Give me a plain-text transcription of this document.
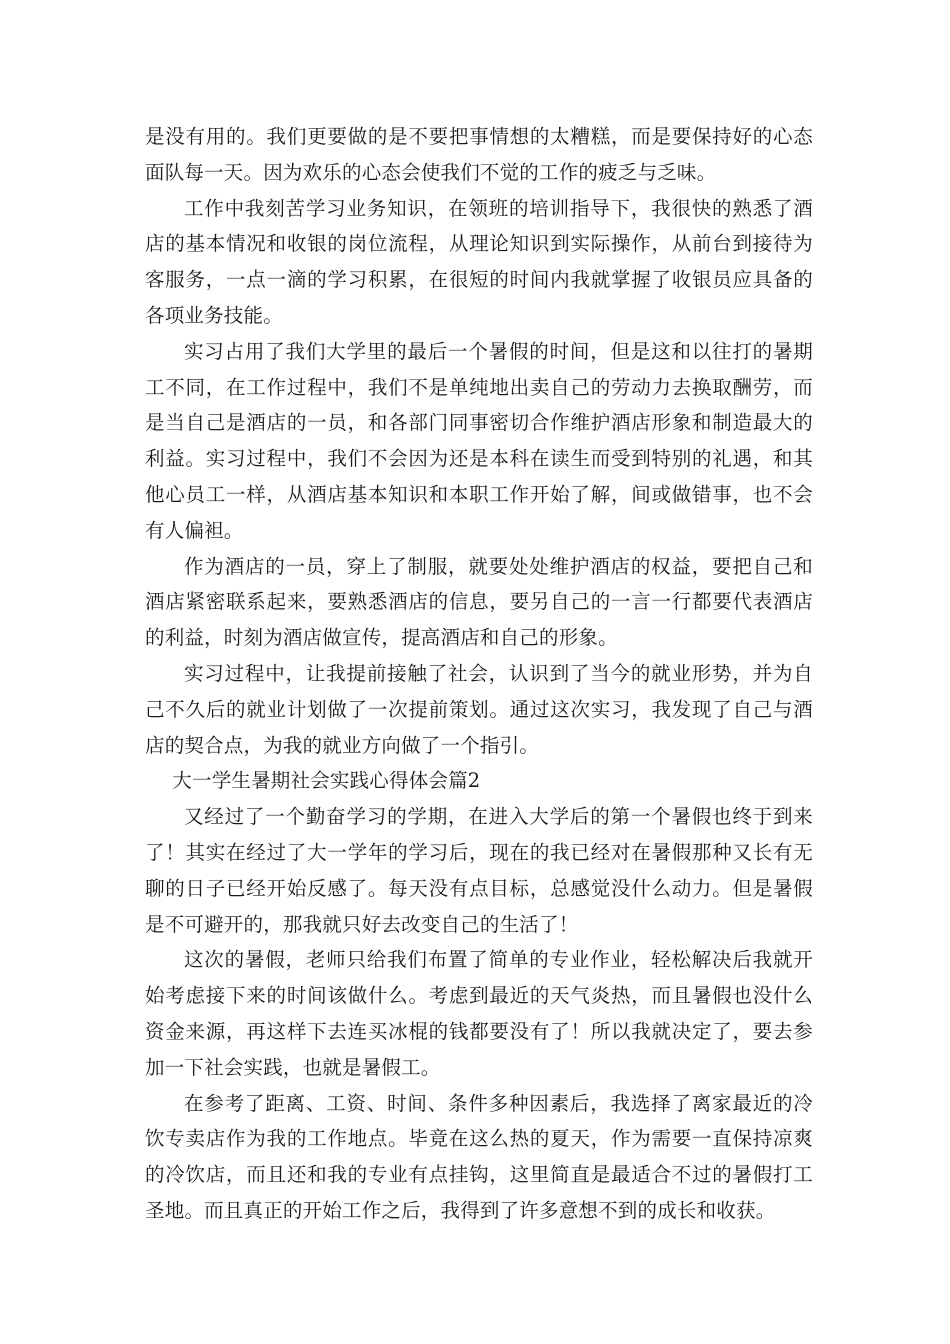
是没有用的。我们更要做的是不要把事情想的太糟糕，而是要保持好的心态面队每一天。因为欢乐的心态会使我们不觉的工作的疲乏与乏味。

工作中我刻苦学习业务知识，在领班的培训指导下，我很快的熟悉了酒店的基本情况和收银的岗位流程，从理论知识到实际操作，从前台到接待为客服务，一点一滴的学习积累，在很短的时间内我就掌握了收银员应具备的各项业务技能。

实习占用了我们大学里的最后一个暑假的时间，但是这和以往打的暑期工不同，在工作过程中，我们不是单纯地出卖自己的劳动力去换取酬劳，而是当自己是酒店的一员，和各部门同事密切合作维护酒店形象和制造最大的利益。实习过程中，我们不会因为还是本科在读生而受到特别的礼遇，和其他心员工一样，从酒店基本知识和本职工作开始了解，间或做错事，也不会有人偏袒。

作为酒店的一员，穿上了制服，就要处处维护酒店的权益，要把自己和酒店紧密联系起来，要熟悉酒店的信息，要另自己的一言一行都要代表酒店的利益，时刻为酒店做宣传，提高酒店和自己的形象。

实习过程中，让我提前接触了社会，认识到了当今的就业形势，并为自己不久后的就业计划做了一次提前策划。通过这次实习，我发现了自己与酒店的契合点，为我的就业方向做了一个指引。

大一学生暑期社会实践心得体会篇2

又经过了一个勤奋学习的学期，在进入大学后的第一个暑假也终于到来了！其实在经过了大一学年的学习后，现在的我已经对在暑假那种又长有无聊的日子已经开始反感了。每天没有点目标，总感觉没什么动力。但是暑假是不可避开的，那我就只好去改变自己的生活了！

这次的暑假，老师只给我们布置了简单的专业作业，轻松解决后我就开始考虑接下来的时间该做什么。考虑到最近的天气炎热，而且暑假也没什么资金来源，再这样下去连买冰棍的钱都要没有了！所以我就决定了，要去参加一下社会实践，也就是暑假工。

在参考了距离、工资、时间、条件多种因素后，我选择了离家最近的冷饮专卖店作为我的工作地点。毕竟在这么热的夏天，作为需要一直保持凉爽的冷饮店，而且还和我的专业有点挂钩，这里简直是最适合不过的暑假打工圣地。而且真正的开始工作之后，我得到了许多意想不到的成长和收获。
